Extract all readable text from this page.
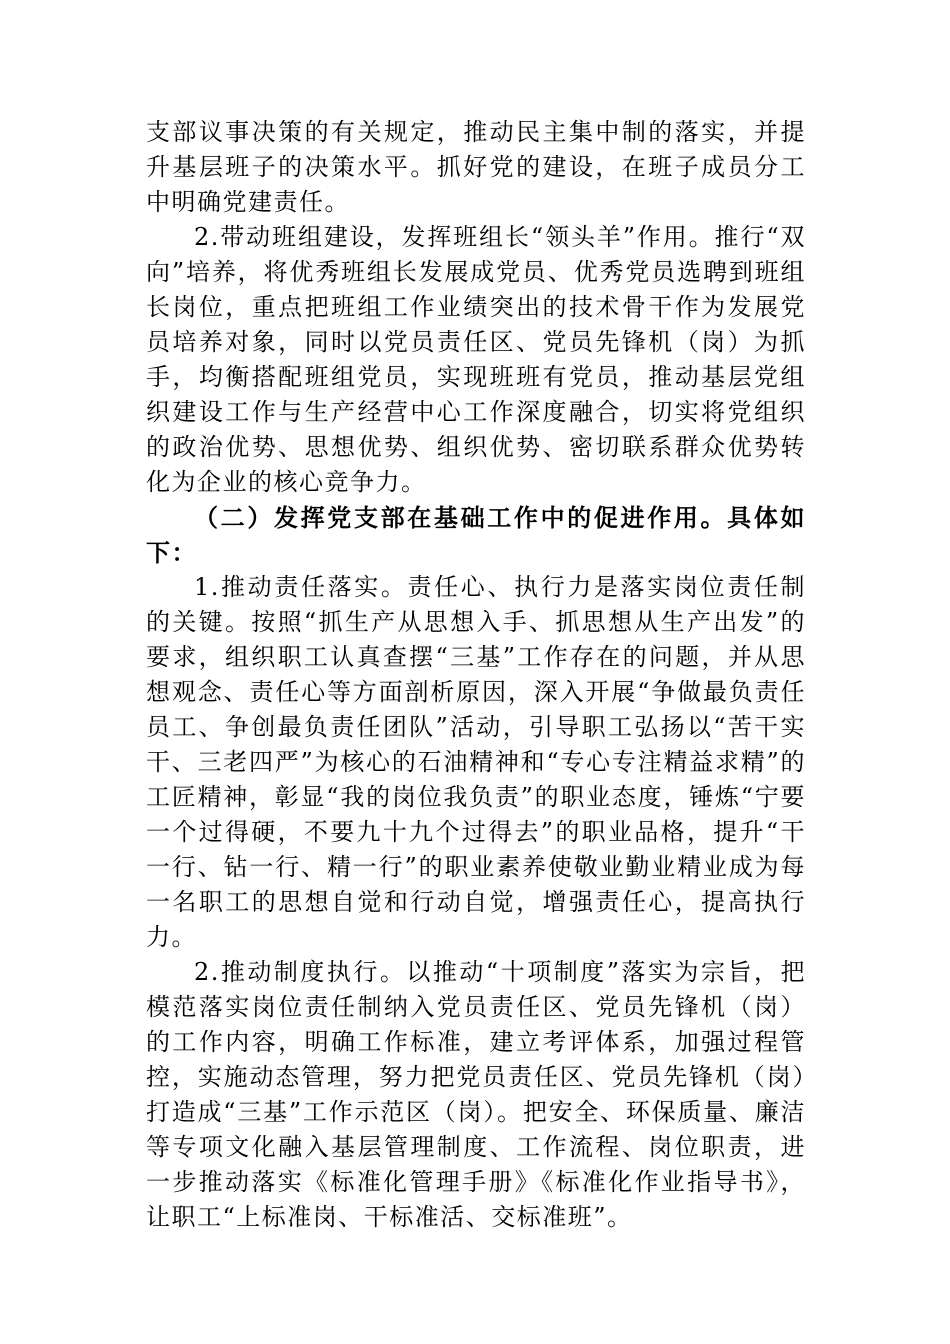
支部议事决策的有关规定，推动民主集中制的落实，并提升基层班子的决策水平。抓好党的建设，在班子成员分工中明确党建责任。

2.带动班组建设，发挥班组长“领头羊”作用。推行“双向”培养，将优秀班组长发展成党员、优秀党员选聘到班组长岗位，重点把班组工作业绩突出的技术骨干作为发展党员培养对象，同时以党员责任区、党员先锋机（岗）为抓手，均衡搭配班组党员，实现班班有党员，推动基层党组织建设工作与生产经营中心工作深度融合，切实将党组织的政治优势、思想优势、组织优势、密切联系群众优势转化为企业的核心竞争力。

（二）发挥党支部在基础工作中的促进作用。具体如下：

1.推动责任落实。责任心、执行力是落实岗位责任制的关键。按照“抓生产从思想入手、抓思想从生产出发”的要求，组织职工认真查摆“三基”工作存在的问题，并从思想观念、责任心等方面剖析原因，深入开展“争做最负责任员工、争创最负责任团队”活动，引导职工弘扬以“苦干实干、三老四严”为核心的石油精神和“专心专注精益求精”的工匠精神，彰显“我的岗位我负责”的职业态度，锤炼“宁要一个过得硬，不要九十九个过得去”的职业品格，提升“干一行、钻一行、精一行”的职业素养使敬业勤业精业成为每一名职工的思想自觉和行动自觉，增强责任心，提高执行力。

2.推动制度执行。以推动“十项制度”落实为宗旨，把模范落实岗位责任制纳入党员责任区、党员先锋机（岗）的工作内容，明确工作标准，建立考评体系，加强过程管控，实施动态管理，努力把党员责任区、党员先锋机（岗）打造成“三基”工作示范区（岗）。把安全、环保质量、廉洁等专项文化融入基层管理制度、工作流程、岗位职责，进一步推动落实《标准化管理手册》《标准化作业指导书》，让职工“上标准岗、干标准活、交标准班”。
